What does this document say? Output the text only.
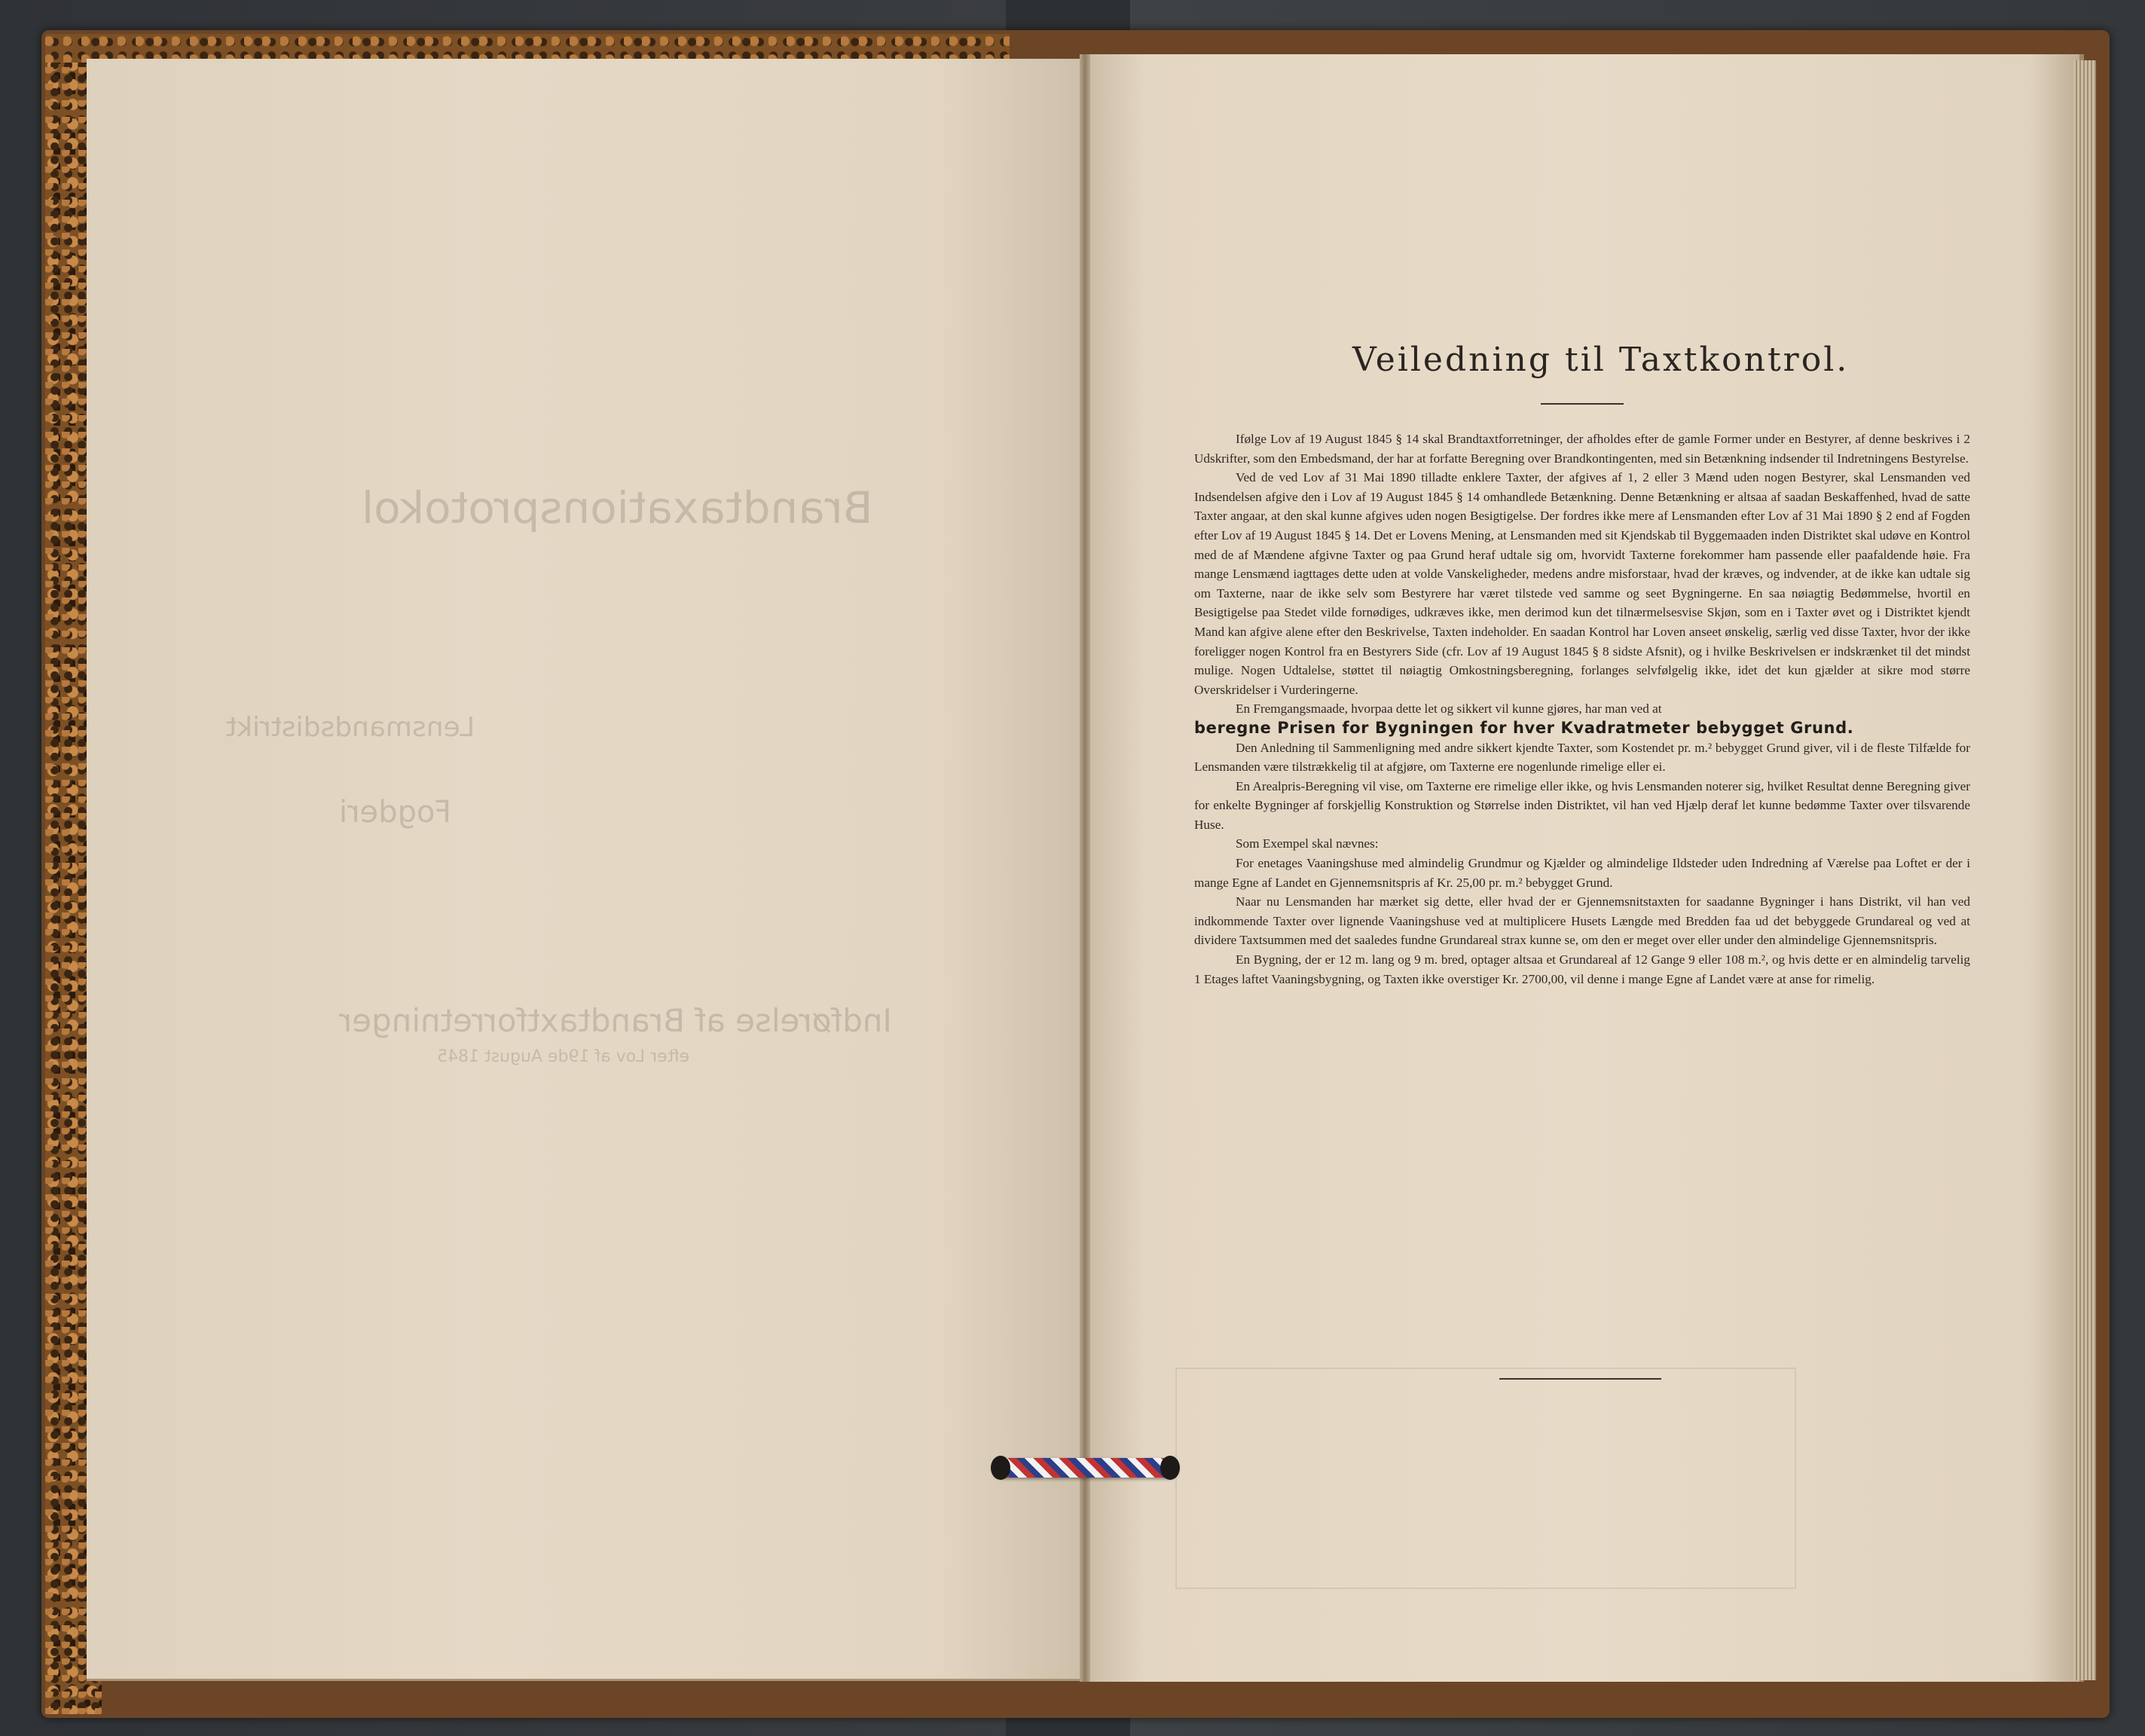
Brandtaxationsprotokol
Lensmandsdistrikt
Fogderi
Indførelse af Brandtaxtforretninger
efter Lov af 19de August 1845
Veiledning til Taxtkontrol.

Ifølge Lov af 19 August 1845 § 14 skal Brandtaxtforretninger, der afholdes efter de gamle Former under en Bestyrer, af denne beskrives i 2 Udskrifter, som den Embedsmand, der har at forfatte Beregning over Brandkontingenten, med sin Betænkning indsender til Indretningens Bestyrelse.

Ved de ved Lov af 31 Mai 1890 tilladte enklere Taxter, der afgives af 1, 2 eller 3 Mænd uden nogen Bestyrer, skal Lensmanden ved Indsendelsen afgive den i Lov af 19 August 1845 § 14 omhandlede Betænkning. Denne Betænkning er altsaa af saadan Beskaffenhed, hvad de satte Taxter angaar, at den skal kunne afgives uden nogen Besigtigelse. Der fordres ikke mere af Lensmanden efter Lov af 31 Mai 1890 § 2 end af Fogden efter Lov af 19 August 1845 § 14. Det er Lovens Mening, at Lensmanden med sit Kjendskab til Byggemaaden inden Distriktet skal udøve en Kontrol med de af Mændene afgivne Taxter og paa Grund heraf udtale sig om, hvorvidt Taxterne forekommer ham passende eller paafaldende høie. Fra mange Lensmænd iagttages dette uden at volde Vanskeligheder, medens andre misforstaar, hvad der kræves, og indvender, at de ikke kan udtale sig om Taxterne, naar de ikke selv som Bestyrere har været tilstede ved samme og seet Bygningerne. En saa nøiagtig Bedømmelse, hvortil en Besigtigelse paa Stedet vilde fornødiges, udkræves ikke, men derimod kun det tilnærmelsesvise Skjøn, som en i Taxter øvet og i Distriktet kjendt Mand kan afgive alene efter den Beskrivelse, Taxten indeholder. En saadan Kontrol har Loven anseet ønskelig, særlig ved disse Taxter, hvor der ikke foreligger nogen Kontrol fra en Bestyrers Side (cfr. Lov af 19 August 1845 § 8 sidste Afsnit), og i hvilke Beskrivelsen er indskrænket til det mindst mulige. Nogen Udtalelse, støttet til nøiagtig Omkostningsberegning, forlanges selvfølgelig ikke, idet det kun gjælder at sikre mod større Overskridelser i Vurderingerne.

En Fremgangsmaade, hvorpaa dette let og sikkert vil kunne gjøres, har man ved at

beregne Prisen for Bygningen for hver Kvadratmeter bebygget Grund.

Den Anledning til Sammenligning med andre sikkert kjendte Taxter, som Kostendet pr. m.² bebygget Grund giver, vil i de fleste Tilfælde for Lensmanden være tilstrækkelig til at afgjøre, om Taxterne ere nogenlunde rimelige eller ei.

En Arealpris-Beregning vil vise, om Taxterne ere rimelige eller ikke, og hvis Lensmanden noterer sig, hvilket Resultat denne Beregning giver for enkelte Bygninger af forskjellig Konstruktion og Størrelse inden Distriktet, vil han ved Hjælp deraf let kunne bedømme Taxter over tilsvarende Huse.

Som Exempel skal nævnes:

For enetages Vaaningshuse med almindelig Grundmur og Kjælder og almindelige Ildsteder uden Indredning af Værelse paa Loftet er der i mange Egne af Landet en Gjennemsnitspris af Kr. 25,00 pr. m.² bebygget Grund.

Naar nu Lensmanden har mærket sig dette, eller hvad der er Gjennemsnitstaxten for saadanne Bygninger i hans Distrikt, vil han ved indkommende Taxter over lignende Vaaningshuse ved at multiplicere Husets Længde med Bredden faa ud det bebyggede Grundareal og ved at dividere Taxtsummen med det saaledes fundne Grundareal strax kunne se, om den er meget over eller under den almindelige Gjennemsnitspris.

En Bygning, der er 12 m. lang og 9 m. bred, optager altsaa et Grundareal af 12 Gange 9 eller 108 m.², og hvis dette er en almindelig tarvelig 1 Etages laftet Vaaningsbygning, og Taxten ikke overstiger Kr. 2700,00, vil denne i mange Egne af Landet være at anse for rimelig.
